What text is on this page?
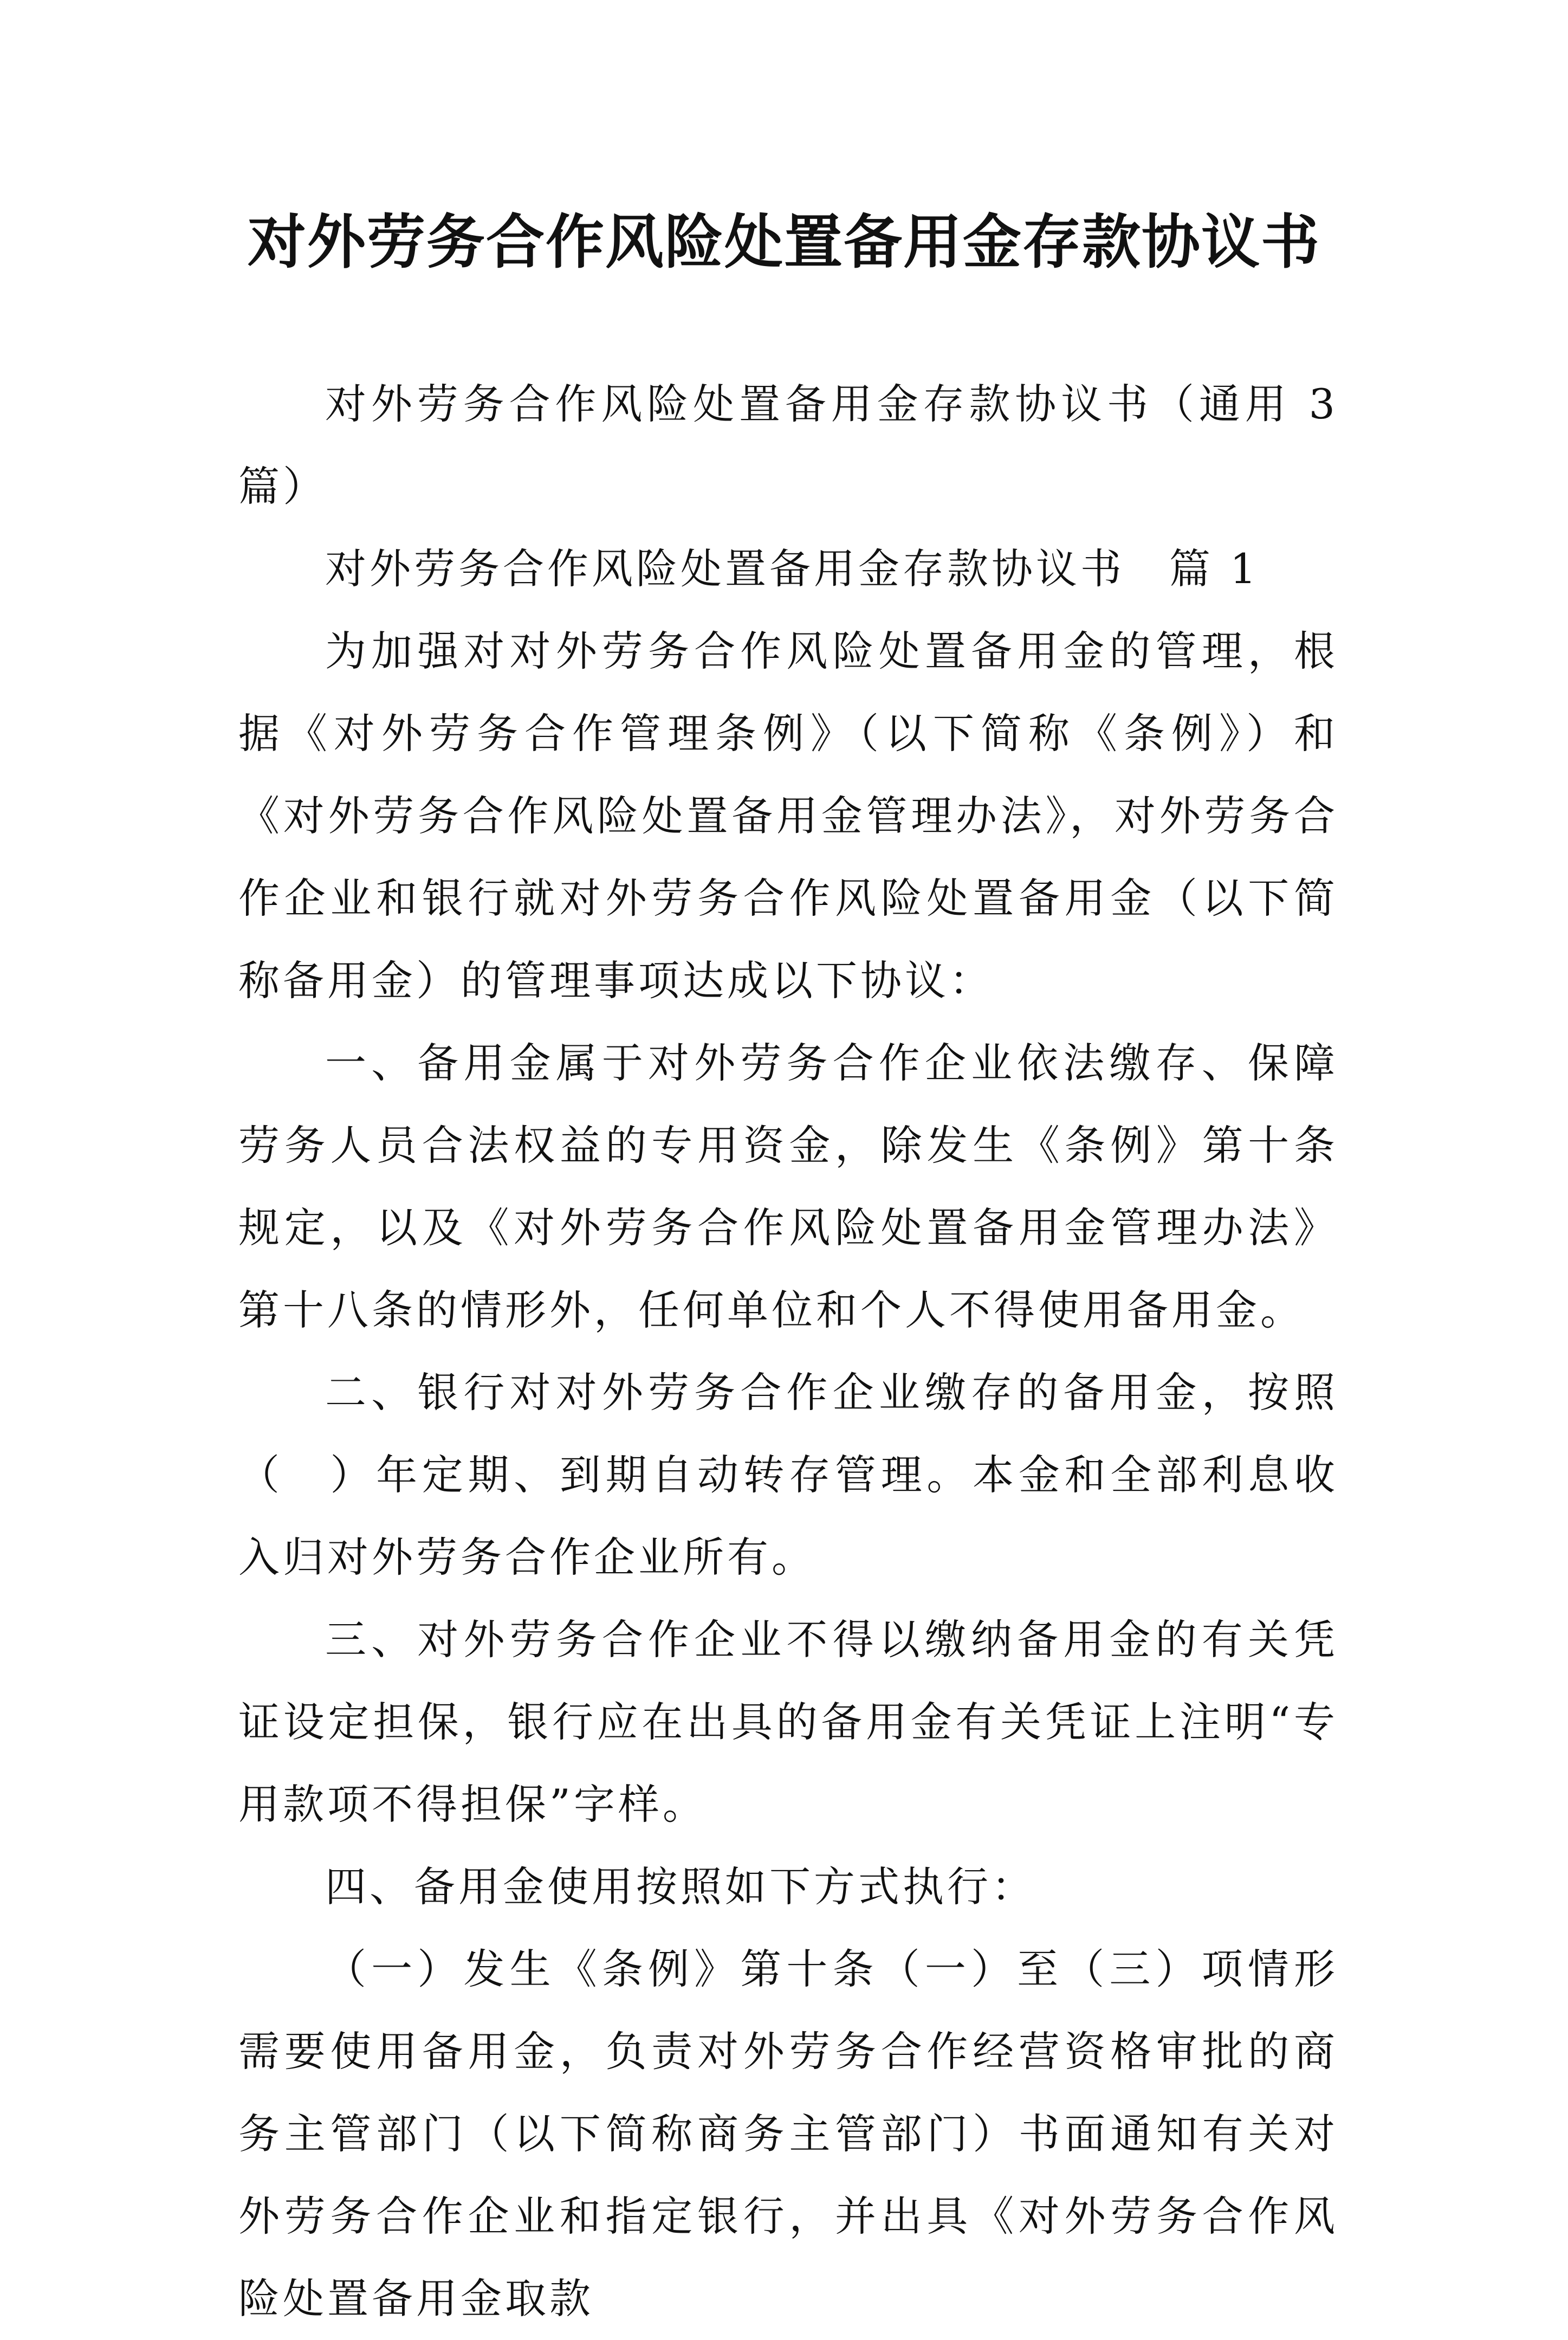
对外劳务合作风险处置备用金存款协议书

对外劳务合作风险处置备用金存款协议书（通用 3 篇）

对外劳务合作风险处置备用金存款协议书　篇 1

为加强对对外劳务合作风险处置备用金的管理，根据《对外劳务合作管理条例》（以下简称《条例》）和《对外劳务合作风险处置备用金管理办法》，对外劳务合作企业和银行就对外劳务合作风险处置备用金（以下简称备用金）的管理事项达成以下协议：

一、备用金属于对外劳务合作企业依法缴存、保障劳务人员合法权益的专用资金，除发生《条例》第十条规定，以及《对外劳务合作风险处置备用金管理办法》第十八条的情形外，任何单位和个人不得使用备用金。

二、银行对对外劳务合作企业缴存的备用金，按照（　）年定期、到期自动转存管理。本金和全部利息收入归对外劳务合作企业所有。

三、对外劳务合作企业不得以缴纳备用金的有关凭证设定担保，银行应在出具的备用金有关凭证上注明“专用款项不得担保”字样。

四、备用金使用按照如下方式执行：

（一）发生《条例》第十条（一）至（三）项情形需要使用备用金，负责对外劳务合作经营资格审批的商务主管部门（以下简称商务主管部门）书面通知有关对外劳务合作企业和指定银行，并出具《对外劳务合作风险处置备用金取款
